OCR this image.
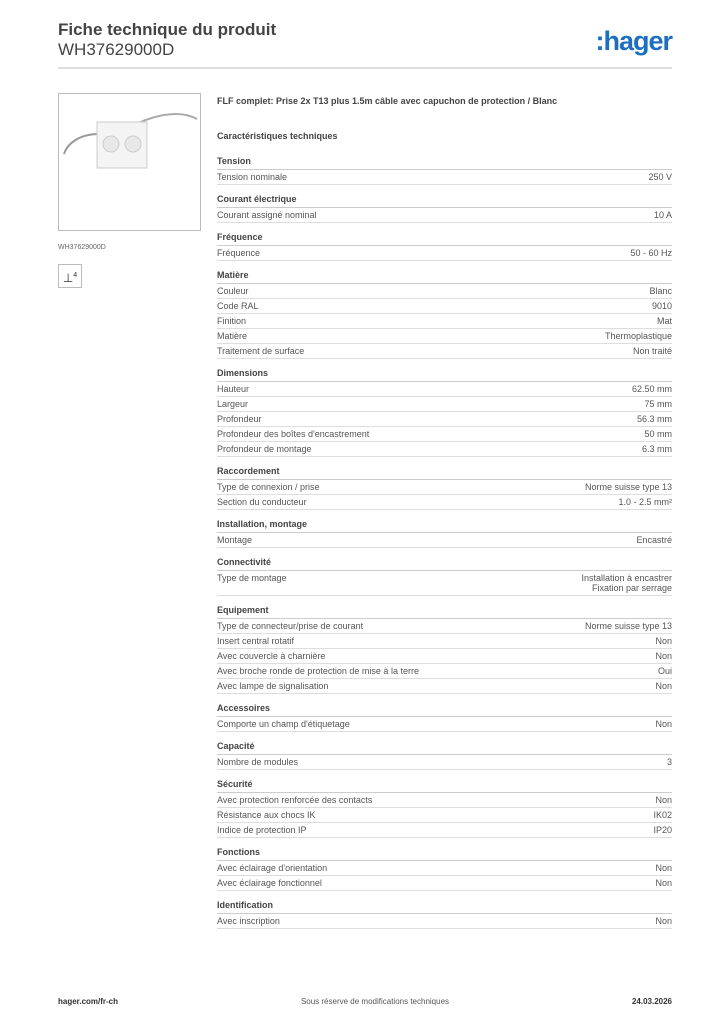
Fiche technique du produit
WH37629000D	:hager
WH37629000D
⊥$^4$
FLF complet: Prise 2x T13 plus 1.5m câble avec capuchon de protection / Blanc
Caractéristiques techniques
Tension
Tension nominale	250 V
Courant électrique
Courant assigné nominal	10 A
Fréquence
Fréquence	50 - 60 Hz
Matière
Couleur	Blanc
Code RAL	9010
Finition	Mat
Matière	Thermoplastique
Traitement de surface	Non traité
Dimensions
Hauteur	62.50 mm
Largeur	75 mm
Profondeur	56.3 mm
Profondeur des boîtes d'encastrement	50 mm
Profondeur de montage	6.3 mm
Raccordement
Type de connexion / prise	Norme suisse type 13
Section du conducteur	1.0 - 2.5 mm²
Installation, montage
Montage	Encastré
Connectivité
Type de montage	Installation à encastrer
Fixation par serrage
Equipement
Type de connecteur/prise de courant	Norme suisse type 13
Insert central rotatif	Non
Avec couvercle à charnière	Non
Avec broche ronde de protection de mise à la terre	Oui
Avec lampe de signalisation	Non
Accessoires
Comporte un champ d'étiquetage	Non
Capacité
Nombre de modules	3
Sécurité
Avec protection renforcée des contacts	Non
Résistance aux chocs IK	IK02
Indice de protection IP	IP20
Fonctions
Avec éclairage d'orientation	Non
Avec éclairage fonctionnel	Non
Identification
Avec inscription	Non
hager.com/fr-ch	Sous réserve de modifications techniques	24.03.2026
